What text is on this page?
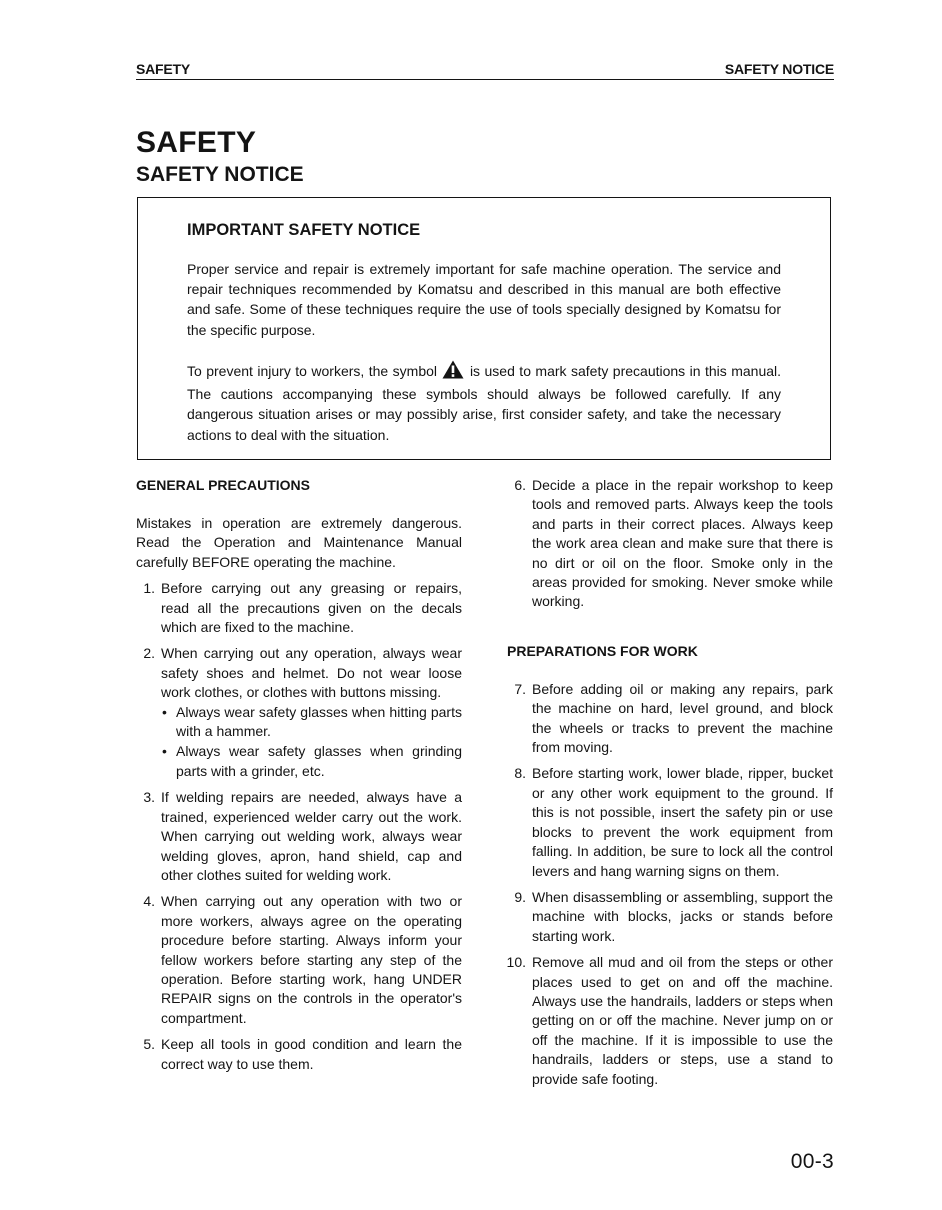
SAFETY	SAFETY NOTICE
SAFETY
SAFETY NOTICE
IMPORTANT SAFETY NOTICE

Proper service and repair is extremely important for safe machine operation. The service and repair techniques recommended by Komatsu and described in this manual are both effective and safe. Some of these techniques require the use of tools specially designed by Komatsu for the specific purpose.

To prevent injury to workers, the symbol is used to mark safety precautions in this manual. The cautions accompanying these symbols should always be followed carefully. If any dangerous situation arises or may possibly arise, first consider safety, and take the necessary actions to deal with the situation.

GENERAL PRECAUTIONS

Mistakes in operation are extremely dangerous. Read the Operation and Maintenance Manual carefully BEFORE operating the machine.

1. Before carrying out any greasing or repairs, read all the precautions given on the decals which are fixed to the machine.
2. When carrying out any operation, always wear safety shoes and helmet. Do not wear loose work clothes, or clothes with buttons missing.
• Always wear safety glasses when hitting parts with a hammer.
• Always wear safety glasses when grinding parts with a grinder, etc.
3. If welding repairs are needed, always have a trained, experienced welder carry out the work. When carrying out welding work, always wear welding gloves, apron, hand shield, cap and other clothes suited for welding work.
4. When carrying out any operation with two or more workers, always agree on the operating procedure before starting. Always inform your fellow workers before starting any step of the operation. Before starting work, hang UNDER REPAIR signs on the controls in the operator's compartment.
5. Keep all tools in good condition and learn the correct way to use them.
6. Decide a place in the repair workshop to keep tools and removed parts. Always keep the tools and parts in their correct places. Always keep the work area clean and make sure that there is no dirt or oil on the floor. Smoke only in the areas provided for smoking. Never smoke while working.
PREPARATIONS FOR WORK
7. Before adding oil or making any repairs, park the machine on hard, level ground, and block the wheels or tracks to prevent the machine from moving.
8. Before starting work, lower blade, ripper, bucket or any other work equipment to the ground. If this is not possible, insert the safety pin or use blocks to prevent the work equipment from falling. In addition, be sure to lock all the control levers and hang warning signs on them.
9. When disassembling or assembling, support the machine with blocks, jacks or stands before starting work.
10. Remove all mud and oil from the steps or other places used to get on and off the machine. Always use the handrails, ladders or steps when getting on or off the machine. Never jump on or off the machine. If it is impossible to use the handrails, ladders or steps, use a stand to provide safe footing.
00-3
